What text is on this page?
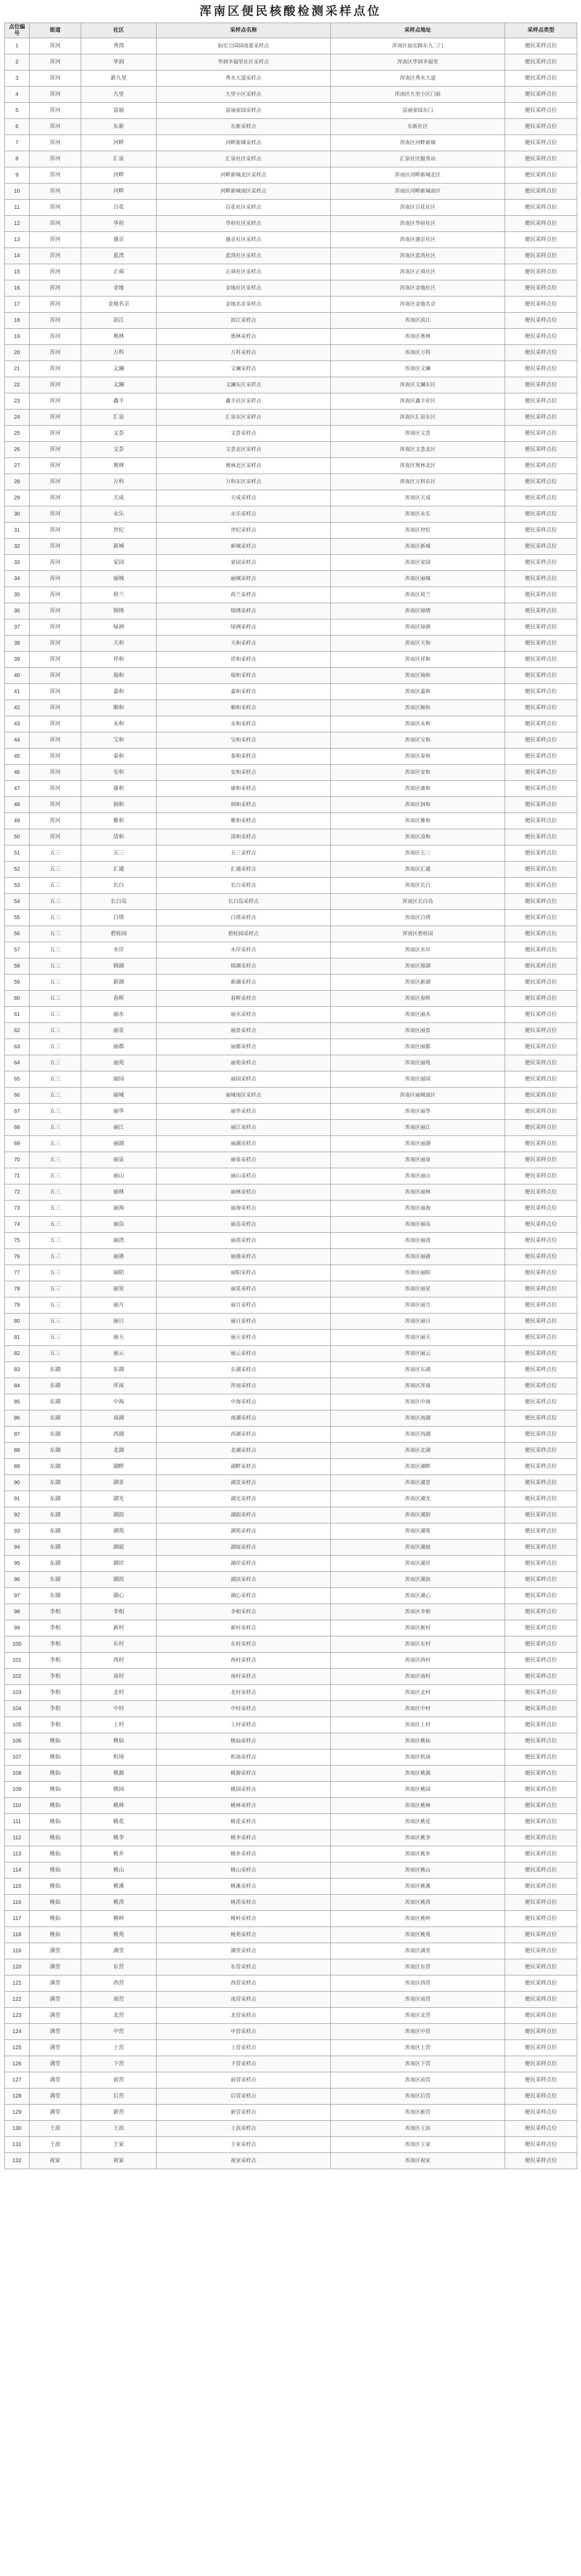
浑南区便民核酸检测采样点位
点位编号	街道	社区	采样点名称	采样点地址	采样点类型
1	浑河	秀湾	仙宏公园园南夏采样点	浑南区仙宏路东九二门	便民采样点位
2	浑河	华润	华润幸福里社区采样点	浑南区华润幸福里	便民采样点位
3	浑河	新九里	秀水大道采样点	浑南区秀水大道	便民采样点位
4	浑河	九里	九里小区采样点	浑南区九里小区门前	便民采样点位
5	浑河	富丽	富丽家园采样点	富丽家园东门	便民采样点位
6	浑河	东新	东新采样点	东新社区	便民采样点位
7	浑河	河畔	河畔新城采样点	浑南区河畔新城	便民采样点位
8	浑河	汇泉	汇泉社区采样点	汇泉社区服务站	便民采样点位
9	浑河	河畔	河畔新城北区采样点	浑南区河畔新城北区	便民采样点位
10	浑河	河畔	河畔新城南区采样点	浑南区河畔新城南区	便民采样点位
11	浑河	百花	百花社区采样点	浑南区百花社区	便民采样点位
12	浑河	华府	华府社区采样点	浑南区华府社区	便民采样点位
13	浑河	盛京	盛京社区采样点	浑南区盛京社区	便民采样点位
14	浑河	蓝湾	蓝湾社区采样点	浑南区蓝湾社区	便民采样点位
15	浑河	正舜	正舜社区采样点	浑南区正舜社区	便民采样点位
16	浑河	金地	金地社区采样点	浑南区金地社区	便民采样点位
17	浑河	金地名京	金地名京采样点	浑南区金地名京	便民采样点位
18	浑河	滨江	滨江采样点	浑南区滨江	便民采样点位
19	浑河	奥林	奥林采样点	浑南区奥林	便民采样点位
20	浑河	万科	万科采样点	浑南区万科	便民采样点位
21	浑河	文澜	文澜采样点	浑南区文澜	便民采样点位
22	浑河	文澜	文澜东区采样点	浑南区文澜东区	便民采样点位
23	浑河	鑫丰	鑫丰社区采样点	浑南区鑫丰社区	便民采样点位
24	浑河	汇泉	汇泉东区采样点	浑南区汇泉东区	便民采样点位
25	浑河	文荟	文荟采样点	浑南区文荟	便民采样点位
26	浑河	文荟	文荟北区采样点	浑南区文荟北区	便民采样点位
27	浑河	奥林	奥林北区采样点	浑南区奥林北区	便民采样点位
28	浑河	万科	万科东区采样点	浑南区万科东区	便民采样点位
29	浑河	天成	天成采样点	浑南区天成	便民采样点位
30	浑河	永乐	永乐采样点	浑南区永乐	便民采样点位
31	浑河	世纪	世纪采样点	浑南区世纪	便民采样点位
32	浑河	新城	新城采样点	浑南区新城	便民采样点位
33	浑河	家园	家园采样点	浑南区家园	便民采样点位
34	浑河	丽城	丽城采样点	浑南区丽城	便民采样点位
35	浑河	荷兰	荷兰采样点	浑南区荷兰	便民采样点位
36	浑河	锦绣	锦绣采样点	浑南区锦绣	便民采样点位
37	浑河	绿洲	绿洲采样点	浑南区绿洲	便民采样点位
38	浑河	天和	天和采样点	浑南区天和	便民采样点位
39	浑河	祥和	祥和采样点	浑南区祥和	便民采样点位
40	浑河	瑞和	瑞和采样点	浑南区瑞和	便民采样点位
41	浑河	嘉和	嘉和采样点	浑南区嘉和	便民采样点位
42	浑河	顺和	顺和采样点	浑南区顺和	便民采样点位
43	浑河	永和	永和采样点	浑南区永和	便民采样点位
44	浑河	宝和	宝和采样点	浑南区宝和	便民采样点位
45	浑河	泰和	泰和采样点	浑南区泰和	便民采样点位
46	浑河	安和	安和采样点	浑南区安和	便民采样点位
47	浑河	康和	康和采样点	浑南区康和	便民采样点位
48	浑河	润和	润和采样点	浑南区润和	便民采样点位
49	浑河	雅和	雅和采样点	浑南区雅和	便民采样点位
50	浑河	清和	清和采样点	浑南区清和	便民采样点位
51	五三	五三	五三采样点	浑南区五三	便民采样点位
52	五三	汇通	汇通采样点	浑南区汇通	便民采样点位
53	五三	长白	长白采样点	浑南区长白	便民采样点位
54	五三	长白岛	长白岛采样点	浑南区长白岛	便民采样点位
55	五三	白塔	白塔采样点	浑南区白塔	便民采样点位
56	五三	碧桂园	碧桂园采样点	浑南区碧桂园	便民采样点位
57	五三	水岸	水岸采样点	浑南区水岸	便民采样点位
58	五三	锦湖	锦湖采样点	浑南区锦湖	便民采样点位
59	五三	新湖	新湖采样点	浑南区新湖	便民采样点位
60	五三	春晖	春晖采样点	浑南区春晖	便民采样点位
61	五三	丽水	丽水采样点	浑南区丽水	便民采样点位
62	五三	丽景	丽景采样点	浑南区丽景	便民采样点位
63	五三	丽都	丽都采样点	浑南区丽都	便民采样点位
64	五三	丽苑	丽苑采样点	浑南区丽苑	便民采样点位
65	五三	丽园	丽园采样点	浑南区丽园	便民采样点位
66	五三	丽城	丽城南区采样点	浑南区丽城南区	便民采样点位
67	五三	丽华	丽华采样点	浑南区丽华	便民采样点位
68	五三	丽江	丽江采样点	浑南区丽江	便民采样点位
69	五三	丽湖	丽湖采样点	浑南区丽湖	便民采样点位
70	五三	丽泉	丽泉采样点	浑南区丽泉	便民采样点位
71	五三	丽山	丽山采样点	浑南区丽山	便民采样点位
72	五三	丽林	丽林采样点	浑南区丽林	便民采样点位
73	五三	丽海	丽海采样点	浑南区丽海	便民采样点位
74	五三	丽岛	丽岛采样点	浑南区丽岛	便民采样点位
75	五三	丽湾	丽湾采样点	浑南区丽湾	便民采样点位
76	五三	丽港	丽港采样点	浑南区丽港	便民采样点位
77	五三	丽阳	丽阳采样点	浑南区丽阳	便民采样点位
78	五三	丽星	丽星采样点	浑南区丽星	便民采样点位
79	五三	丽月	丽月采样点	浑南区丽月	便民采样点位
80	五三	丽日	丽日采样点	浑南区丽日	便民采样点位
81	五三	丽天	丽天采样点	浑南区丽天	便民采样点位
82	五三	丽云	丽云采样点	浑南区丽云	便民采样点位
83	东湖	东湖	东湖采样点	浑南区东湖	便民采样点位
84	东湖	浑南	浑南采样点	浑南区浑南	便民采样点位
85	东湖	中海	中海采样点	浑南区中海	便民采样点位
86	东湖	南湖	南湖采样点	浑南区南湖	便民采样点位
87	东湖	西湖	西湖采样点	浑南区西湖	便民采样点位
88	东湖	北湖	北湖采样点	浑南区北湖	便民采样点位
89	东湖	湖畔	湖畔采样点	浑南区湖畔	便民采样点位
90	东湖	湖景	湖景采样点	浑南区湖景	便民采样点位
91	东湖	湖光	湖光采样点	浑南区湖光	便民采样点位
92	东湖	湖韵	湖韵采样点	浑南区湖韵	便民采样点位
93	东湖	湖苑	湖苑采样点	浑南区湖苑	便民采样点位
94	东湖	湖庭	湖庭采样点	浑南区湖庭	便民采样点位
95	东湖	湖岸	湖岸采样点	浑南区湖岸	便民采样点位
96	东湖	湖滨	湖滨采样点	浑南区湖滨	便民采样点位
97	东湖	湖心	湖心采样点	浑南区湖心	便民采样点位
98	李相	李相	李相采样点	浑南区李相	便民采样点位
99	李相	新村	新村采样点	浑南区新村	便民采样点位
100	李相	东村	东村采样点	浑南区东村	便民采样点位
101	李相	西村	西村采样点	浑南区西村	便民采样点位
102	李相	南村	南村采样点	浑南区南村	便民采样点位
103	李相	北村	北村采样点	浑南区北村	便民采样点位
104	李相	中村	中村采样点	浑南区中村	便民采样点位
105	李相	上村	上村采样点	浑南区上村	便民采样点位
106	桃仙	桃仙	桃仙采样点	浑南区桃仙	便民采样点位
107	桃仙	机场	机场采样点	浑南区机场	便民采样点位
108	桃仙	桃源	桃源采样点	浑南区桃源	便民采样点位
109	桃仙	桃园	桃园采样点	浑南区桃园	便民采样点位
110	桃仙	桃林	桃林采样点	浑南区桃林	便民采样点位
111	桃仙	桃花	桃花采样点	浑南区桃花	便民采样点位
112	桃仙	桃李	桃李采样点	浑南区桃李	便民采样点位
113	桃仙	桃乡	桃乡采样点	浑南区桃乡	便民采样点位
114	桃仙	桃山	桃山采样点	浑南区桃山	便民采样点位
115	桃仙	桃溪	桃溪采样点	浑南区桃溪	便民采样点位
116	桃仙	桃湾	桃湾采样点	浑南区桃湾	便民采样点位
117	桃仙	桃岭	桃岭采样点	浑南区桃岭	便民采样点位
118	桃仙	桃苑	桃苑采样点	浑南区桃苑	便民采样点位
119	满堂	满堂	满堂采样点	浑南区满堂	便民采样点位
120	满堂	东营	东营采样点	浑南区东营	便民采样点位
121	满堂	西营	西营采样点	浑南区西营	便民采样点位
122	满堂	南营	南营采样点	浑南区南营	便民采样点位
123	满堂	北营	北营采样点	浑南区北营	便民采样点位
124	满堂	中营	中营采样点	浑南区中营	便民采样点位
125	满堂	上营	上营采样点	浑南区上营	便民采样点位
126	满堂	下营	下营采样点	浑南区下营	便民采样点位
127	满堂	前营	前营采样点	浑南区前营	便民采样点位
128	满堂	后营	后营采样点	浑南区后营	便民采样点位
129	满堂	新营	新营采样点	浑南区新营	便民采样点位
130	王滨	王滨	王滨采样点	浑南区王滨	便民采样点位
131	王滨	王家	王家采样点	浑南区王家	便民采样点位
132	祝家	祝家	祝家采样点	浑南区祝家	便民采样点位
